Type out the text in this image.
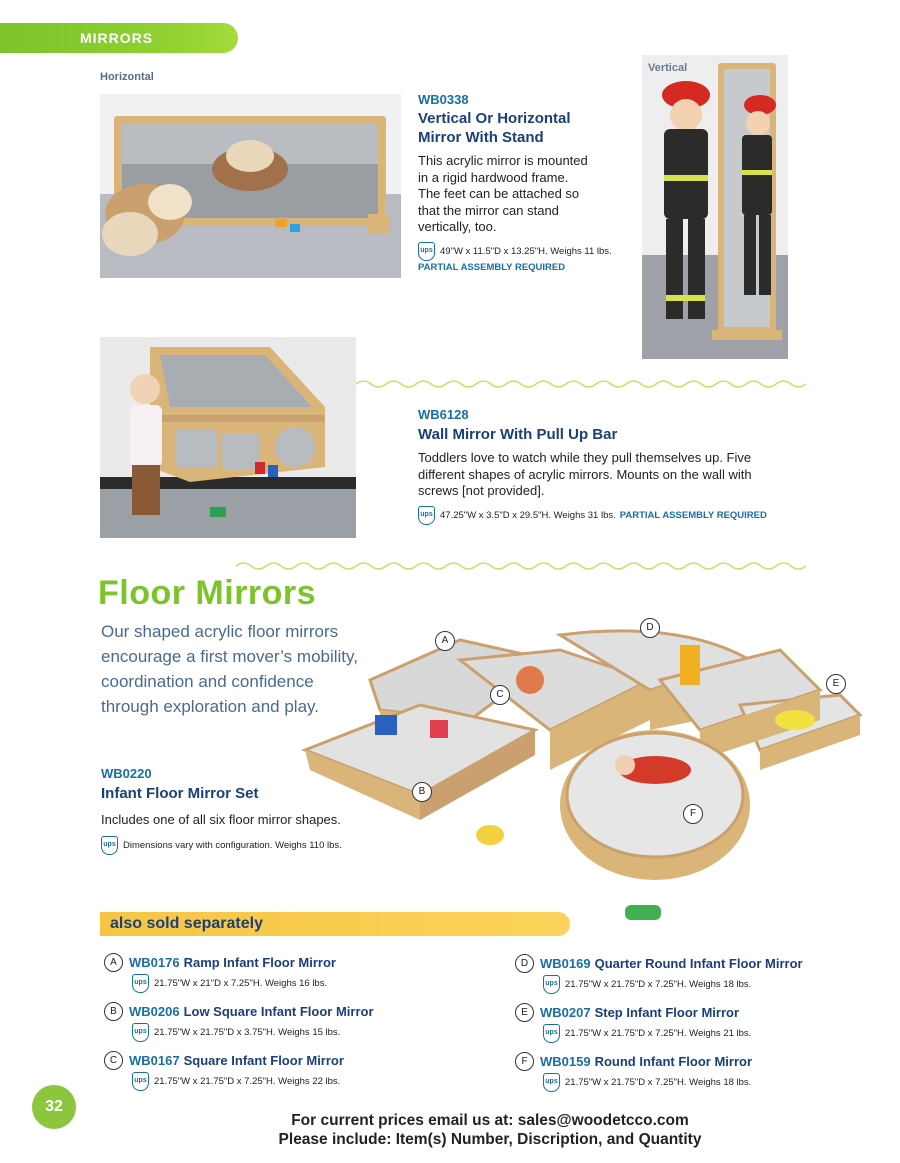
MIRRORS
Horizontal
WB0338
Vertical Or Horizontal
Mirror With Stand
This acrylic mirror is mounted
in a rigid hardwood frame.
The feet can be attached so
that the mirror can stand
vertically, too.
ups 49"W x 11.5"D x 13.25"H. Weighs 11 lbs.
PARTIAL ASSEMBLY REQUIRED
Vertical
WB6128
Wall Mirror With Pull Up Bar
Toddlers love to watch while they pull themselves up. Five
different shapes of acrylic mirrors. Mounts on the wall with
screws [not provided].
ups 47.25"W x 3.5"D x 29.5"H. Weighs 31 lbs. PARTIAL ASSEMBLY REQUIRED
A
D
E
C
B
F
Floor Mirrors
Our shaped acrylic floor mirrors
encourage a first mover’s mobility,
coordination and confidence
through exploration and play.
WB0220
Infant Floor Mirror Set
Includes one of all six floor mirror shapes.
ups Dimensions vary with configuration. Weighs 110 lbs.
also sold separately
A WB0176 Ramp Infant Floor Mirror
ups 21.75"W x 21"D x 7.25"H. Weighs 16 lbs.
B WB0206 Low Square Infant Floor Mirror
ups 21.75"W x 21.75"D x 3.75"H. Weighs 15 lbs.
C WB0167 Square Infant Floor Mirror
ups 21.75"W x 21.75"D x 7.25"H. Weighs 22 lbs.
D WB0169 Quarter Round Infant Floor Mirror
ups 21.75"W x 21.75"D x 7.25"H. Weighs 18 lbs.
E WB0207 Step Infant Floor Mirror
ups 21.75"W x 21.75"D x 7.25"H. Weighs 21 lbs.
F WB0159 Round Infant Floor Mirror
ups 21.75"W x 21.75"D x 7.25"H. Weighs 18 lbs.
32
For current prices email us at: sales@woodetcco.com
Please include: Item(s) Number, Discription, and Quantity
